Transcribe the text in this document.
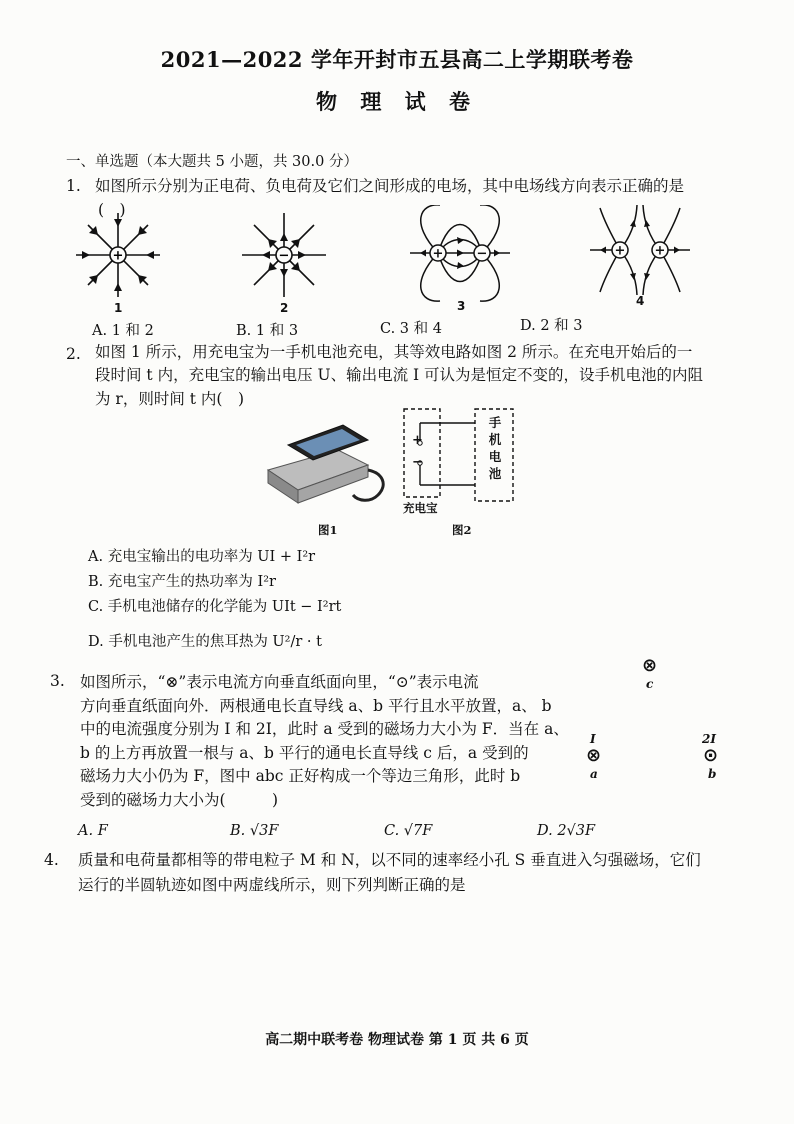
2021—2022 学年开封市五县高二上学期联考卷
物 理 试 卷
一、单选题（本大题共 5 小题，共 30.0 分）
1. 如图所示分别为正电荷、负电荷及它们之间形成的电场，其中电场线方向表示正确的是
(　)
+	−	+	−	+ +
1	2	3	4
A. 1 和 2	B. 1 和 3	C. 3 和 4	D. 2 和 3
2. 如图 1 所示，用充电宝为一手机电池充电，其等效电路如图 2 所示。在充电开始后的一
段时间 t 内，充电宝的输出电压 U、输出电流 I 可认为是恒定不变的，设手机电池的内阻
为 r，则时间 t 内(　)
+
−
手
机
电
池
充电宝
图1	图2
A. 充电宝输出的电功率为 UI + I²r
B. 充电宝产生的热功率为 I²r
C. 手机电池储存的化学能为 UIt − I²rt
D. 手机电池产生的焦耳热为 U²/r · t
3. 如图所示，“⊗”表示电流方向垂直纸面向里，“⊙”表示电流
方向垂直纸面向外．两根通电长直导线 a、b 平行且水平放置，a、 b
中的电流强度分别为 I 和 2I，此时 a 受到的磁场力大小为 F．当在 a、
b 的上方再放置一根与 a、b 平行的通电长直导线 c 后，a 受到的
磁场力大小仍为 F，图中 abc 正好构成一个等边三角形，此时 b
受到的磁场力大小为(　　　)
⊗
c
I
⊗
a
2I
⊙
b
A. F	B. √3F	C. √7F	D. 2√3F
4. 质量和电荷量都相等的带电粒子 M 和 N，以不同的速率经小孔 S 垂直进入匀强磁场，它们
运行的半圆轨迹如图中两虚线所示，则下列判断正确的是
高二期中联考卷 物理试卷 第 1 页 共 6 页
